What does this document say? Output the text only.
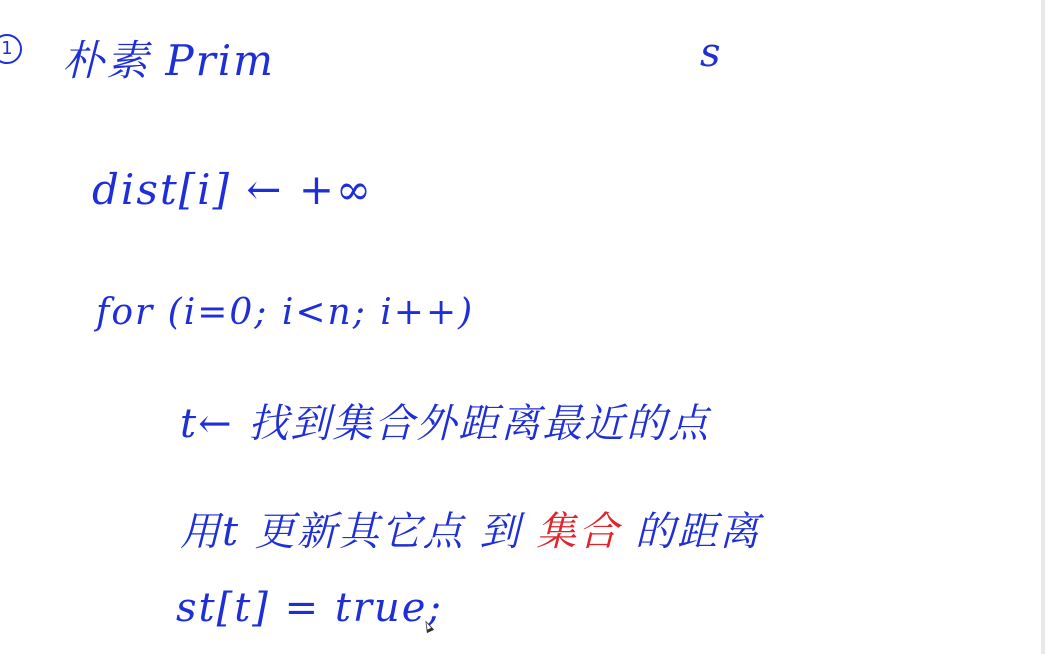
1 朴素 Prim	s
dist[i] ← +∞
for (i=0; i<n; i++)
t← 找到集合外距离最近的点
用t 更新其它点 到 集合 的距离
st[t] = true;
